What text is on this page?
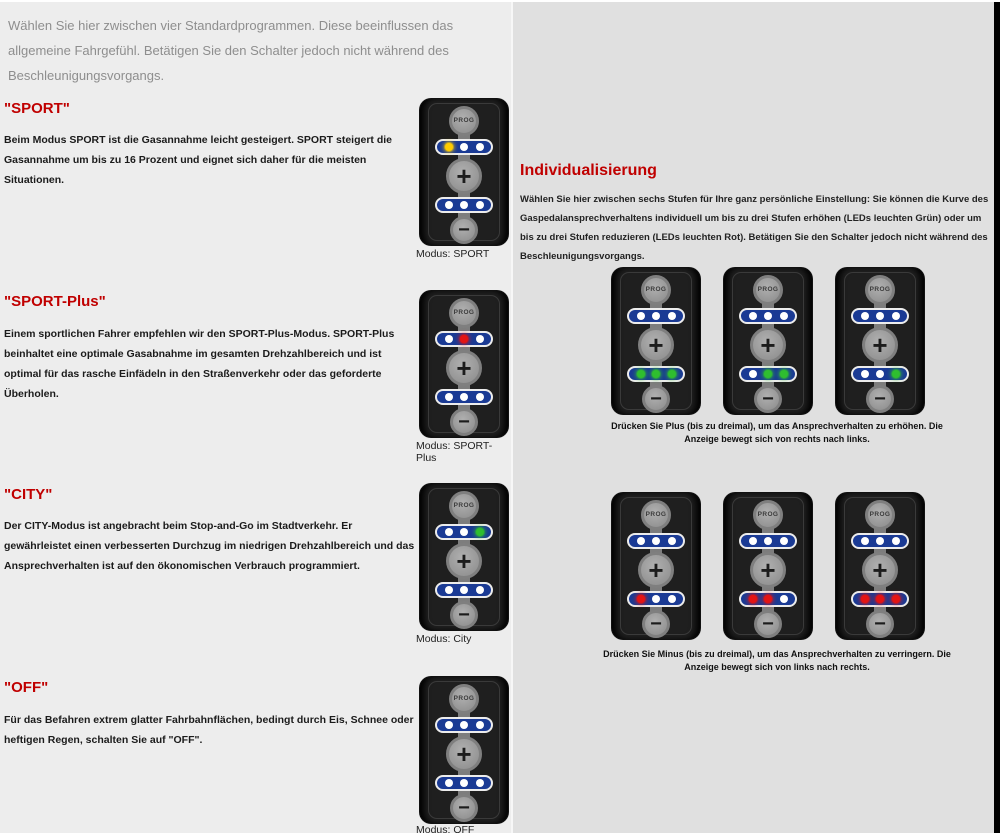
Wählen Sie hier zwischen vier Standardprogrammen. Diese beeinflussen das allgemeine Fahrgefühl. Betätigen Sie den Schalter jedoch nicht während des Beschleunigungsvorgangs.

"SPORT"

Beim Modus SPORT ist die Gasannahme leicht gesteigert. SPORT steigert die Gasannahme um bis zu 16 Prozent und eignet sich daher für die meisten Situationen.

PROG
+
−
Modus: SPORT
"SPORT-Plus"

Einem sportlichen Fahrer empfehlen wir den SPORT-Plus-Modus. SPORT-Plus beinhaltet eine optimale Gasabnahme im gesamten Drehzahlbereich und ist optimal für das rasche Einfädeln in den Straßenverkehr oder das geforderte Überholen.

PROG
+
−
Modus: SPORT-Plus
"CITY"

Der CITY-Modus ist angebracht beim Stop-and-Go im Stadtverkehr. Er gewährleistet einen verbesserten Durchzug im niedrigen Drehzahlbereich und das Ansprechverhalten ist auf den ökonomischen Verbrauch programmiert.

PROG
+
−
Modus: City
"OFF"

Für das Befahren extrem glatter Fahrbahnflächen, bedingt durch Eis, Schnee oder heftigen Regen, schalten Sie auf "OFF".

PROG
+
−
Modus: OFF
Individualisierung

Wählen Sie hier zwischen sechs Stufen für Ihre ganz persönliche Einstellung: Sie können die Kurve des Gaspedalansprechverhaltens individuell um bis zu drei Stufen erhöhen (LEDs leuchten Grün) oder um bis zu drei Stufen reduzieren (LEDs leuchten Rot). Betätigen Sie den Schalter jedoch nicht während des Beschleunigungsvorgangs.

PROG
+
−
PROG
+
−
PROG
+
−
Drücken Sie Plus (bis zu dreimal), um das Ansprechverhalten zu erhöhen. Die Anzeige bewegt sich von rechts nach links.
PROG
+
−
PROG
+
−
PROG
+
−
Drücken Sie Minus (bis zu dreimal), um das Ansprechverhalten zu verringern. Die Anzeige bewegt sich von links nach rechts.
